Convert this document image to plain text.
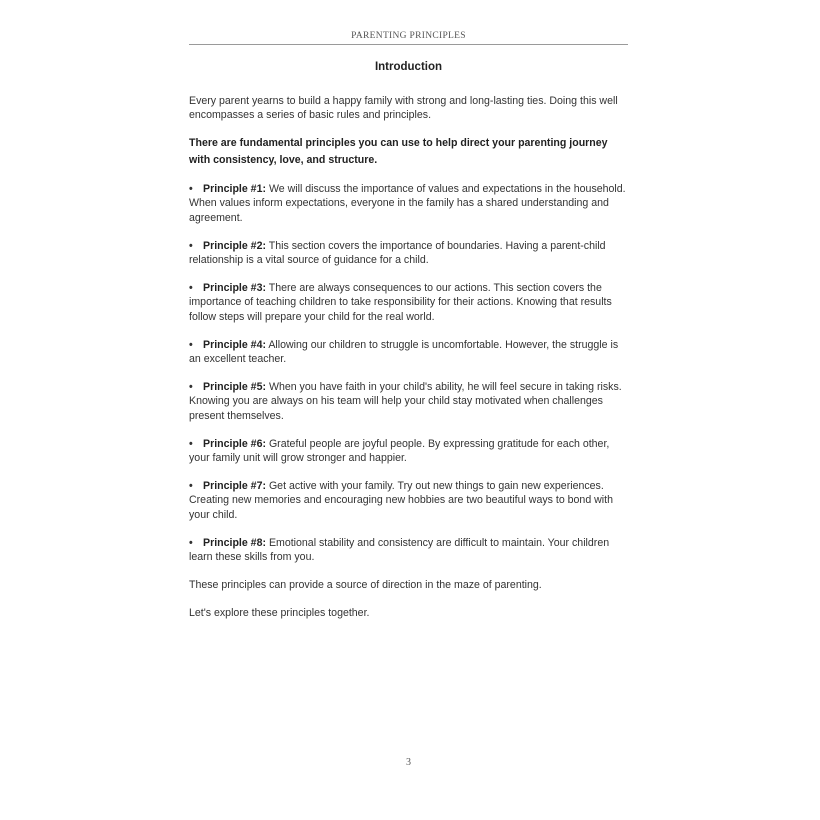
PARENTING PRINCIPLES
Introduction

Every parent yearns to build a happy family with strong and long-lasting ties. Doing this well encompasses a series of basic rules and principles.

There are fundamental principles you can use to help direct your parenting journey with consistency, love, and structure.

• Principle #1: We will discuss the importance of values and expectations in the household. When values inform expectations, everyone in the family has a shared understanding and agreement.

• Principle #2: This section covers the importance of boundaries. Having a parent-child relationship is a vital source of guidance for a child.

• Principle #3: There are always consequences to our actions. This section covers the importance of teaching children to take responsibility for their actions. Knowing that results follow steps will prepare your child for the real world.

• Principle #4: Allowing our children to struggle is uncomfortable. However, the struggle is an excellent teacher.

• Principle #5: When you have faith in your child's ability, he will feel secure in taking risks. Knowing you are always on his team will help your child stay motivated when challenges present themselves.

• Principle #6: Grateful people are joyful people. By expressing gratitude for each other, your family unit will grow stronger and happier.

• Principle #7: Get active with your family. Try out new things to gain new experiences. Creating new memories and encouraging new hobbies are two beautiful ways to bond with your child.

• Principle #8: Emotional stability and consistency are difficult to maintain. Your children learn these skills from you.

These principles can provide a source of direction in the maze of parenting.

Let's explore these principles together.

3
